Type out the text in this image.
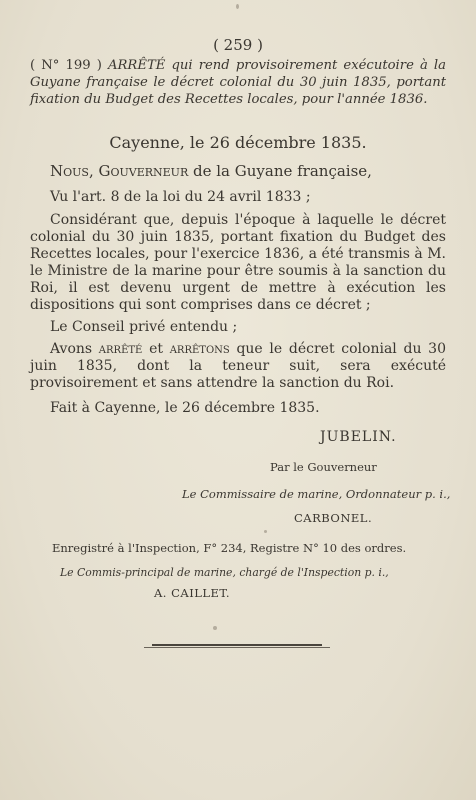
( 259 )
( N° 199 ) ARRÊTÉ qui rend provisoirement exécutoire à la Guyane française le décret colonial du 30 juin 1835, portant fixation du Budget des Recettes locales, pour l'année 1836.
Cayenne, le 26 décembre 1835.
Nous, Gouverneur de la Guyane française,
Vu l'art. 8 de la loi du 24 avril 1833 ;
Considérant que, depuis l'époque à laquelle le décret colonial du 30 juin 1835, portant fixation du Budget des Recettes locales, pour l'exercice 1836, a été transmis à M. le Ministre de la marine pour être soumis à la sanction du Roi, il est devenu urgent de mettre à exécution les dispositions qui sont comprises dans ce décret ;
Le Conseil privé entendu ;
Avons arrêté et arrêtons que le décret colonial du 30 juin 1835, dont la teneur suit, sera exécuté provisoirement et sans attendre la sanction du Roi.
Fait à Cayenne, le 26 décembre 1835.
JUBELIN.
Par le Gouverneur
Le Commissaire de marine, Ordonnateur p. i.,
CARBONEL.
Enregistré à l'Inspection, F° 234, Registre N° 10 des ordres.
Le Commis-principal de marine, chargé de l'Inspection p. i.,
A. CAILLET.
